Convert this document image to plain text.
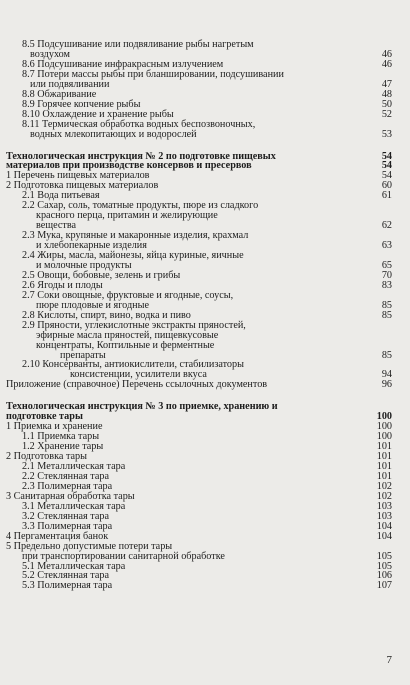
8.5 Подсушивание или подвяливание рыбы нагретым
воздухом	46
8.6 Подсушивание инфракрасным излучением	46
8.7 Потери массы рыбы при бланшировании, подсушивании
или подвяливании	47
8.8 Обжаривание	48
8.9 Горячее копчение рыбы	50
8.10 Охлаждение и хранение рыбы	52
8.11 Термическая обработка водных беспозвоночных,
водных млекопитающих и водорослей	53
Технологическая инструкция № 2 по подготовке пищевых	54
материалов при производстве консервов и пресервов	54
1 Перечень пищевых материалов	54
2 Подготовка пищевых материалов	60
2.1 Вода питьевая	61
2.2 Сахар, соль, томатные продукты, пюре из сладкого
красного перца, притамин и желирующие
вещества	62
2.3 Мука, крупяные и макаронные изделия, крахмал
и хлебопекарные изделия	63
2.4 Жиры, масла, майонезы, яйца куриные, яичные
и молочные продукты	65
2.5 Овощи, бобовые, зелень и грибы	70
2.6 Ягоды и плоды	83
2.7 Соки овощные, фруктовые и ягодные, соусы,
пюре плодовые и ягодные	85
2.8 Кислоты, спирт, вино, водка и пиво	85
2.9 Пряности, углекислотные экстракты пряностей,
эфирные масла пряностей, пищевкусовые
концентраты, Коптильные и ферментные
препараты	85
2.10 Консерванты, антиокислители, стабилизаторы
консистенции, усилители вкуса	94
Приложение (справочное) Перечень ссылочных документов	96
Технологическая инструкция № 3 по приемке, хранению и
подготовке тары	100
1 Приемка и хранение	100
1.1 Приемка тары	100
1.2 Хранение тары	101
2 Подготовка тары	101
2.1 Металлическая тара	101
2.2 Стеклянная тара	101
2.3 Полимерная тара	102
3 Санитарная обработка тары	102
3.1 Металлическая тара	103
3.2 Стеклянная тара	103
3.3 Полимерная тара	104
4 Пергаментация банок	104
5 Предельно допустимые потери тары
при транспортировании санитарной обработке	105
5.1 Металлическая тара	105
5.2 Стеклянная тара	106
5.3 Полимерная тара	107
7
